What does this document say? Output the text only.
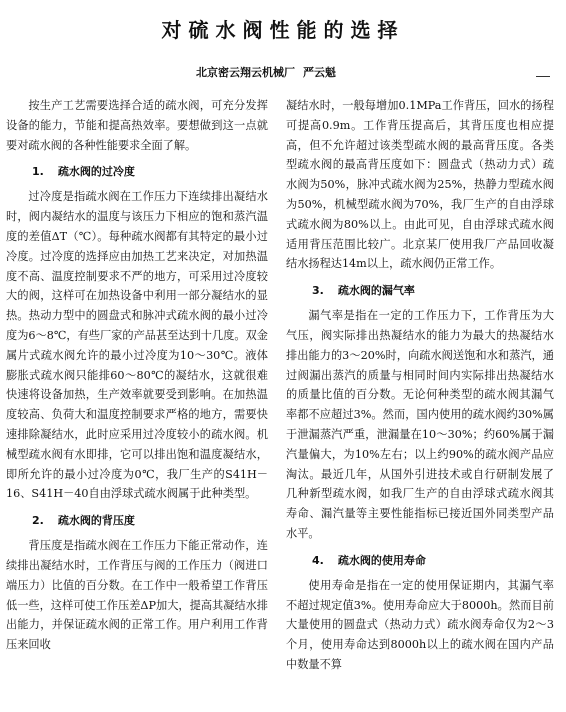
对硫水阀性能的选择
北京密云翔云机械厂 严云魁

按生产工艺需要选择合适的疏水阀，可充分发挥设备的能力，节能和提高热效率。要想做到这一点就要对疏水阀的各种性能要求全面了解。

1. 疏水阀的过冷度

过冷度是指疏水阀在工作压力下连续排出凝结水时，阀内凝结水的温度与该压力下相应的饱和蒸汽温度的差值ΔT（℃）。每种疏水阀都有其特定的最小过冷度。过冷度的选择应由加热工艺来决定，对加热温度不高、温度控制要求不严的地方，可采用过冷度较大的阀，这样可在加热设备中利用一部分凝结水的显热。热动力型中的圆盘式和脉冲式疏水阀的最小过冷度为6～8℃，有些厂家的产品甚至达到十几度。双金属片式疏水阀允许的最小过冷度为10～30℃。液体膨胀式疏水阀只能排60～80℃的凝结水，这就很难快速将设备加热，生产效率就要受到影响。在加热温度较高、负荷大和温度控制要求严格的地方，需要快速排除凝结水，此时应采用过冷度较小的疏水阀。机械型疏水阀有水即排，它可以排出饱和温度凝结水，即所允许的最小过冷度为0℃，我厂生产的S41H－16、S41H－40自由浮球式疏水阀属于此种类型。

2. 疏水阀的背压度

背压度是指疏水阀在工作压力下能正常动作，连续排出凝结水时，工作背压与阀的工作压力（阀进口端压力）比值的百分数。在工作中一般希望工作背压低一些，这样可使工作压差ΔP加大，提高其凝结水排出能力，并保证疏水阀的正常工作。用户利用工作背压来回收

凝结水时，一般每增加0.1MPa工作背压，回水的扬程可提高0.9m。工作背压提高后，其背压度也相应提高，但不允许超过该类型疏水阀的最高背压度。各类型疏水阀的最高背压度如下：圆盘式（热动力式）疏水阀为50%，脉冲式疏水阀为25%，热静力型疏水阀为50%，机械型疏水阀为70%，我厂生产的自由浮球式疏水阀为80%以上。由此可见，自由浮球式疏水阀适用背压范围比较广。北京某厂使用我厂产品回收凝结水扬程达14m以上，疏水阀仍正常工作。

3. 疏水阀的漏气率

漏气率是指在一定的工作压力下，工作背压为大气压，阀实际排出热凝结水的能力为最大的热凝结水排出能力的3～20%时，向疏水阀送饱和水和蒸汽，通过阀漏出蒸汽的质量与相同时间内实际排出热凝结水的质量比值的百分数。无论何种类型的疏水阀其漏气率都不应超过3%。然而，国内使用的疏水阀约30%属于泄漏蒸汽严重，泄漏量在10～30%；约60%属于漏汽量偏大，为10%左右；以上约90%的疏水阀产品应淘汰。最近几年，从国外引进技术或自行研制发展了几种新型疏水阀，如我厂生产的自由浮球式疏水阀其寿命、漏汽量等主要性能指标已接近国外同类型产品水平。

4. 疏水阀的使用寿命

使用寿命是指在一定的使用保证期内，其漏气率不超过规定值3%。使用寿命应大于8000h。然而目前大量使用的圆盘式（热动力式）疏水阀寿命仅为2～3个月，使用寿命达到8000h以上的疏水阀在国内产品中数量不算
